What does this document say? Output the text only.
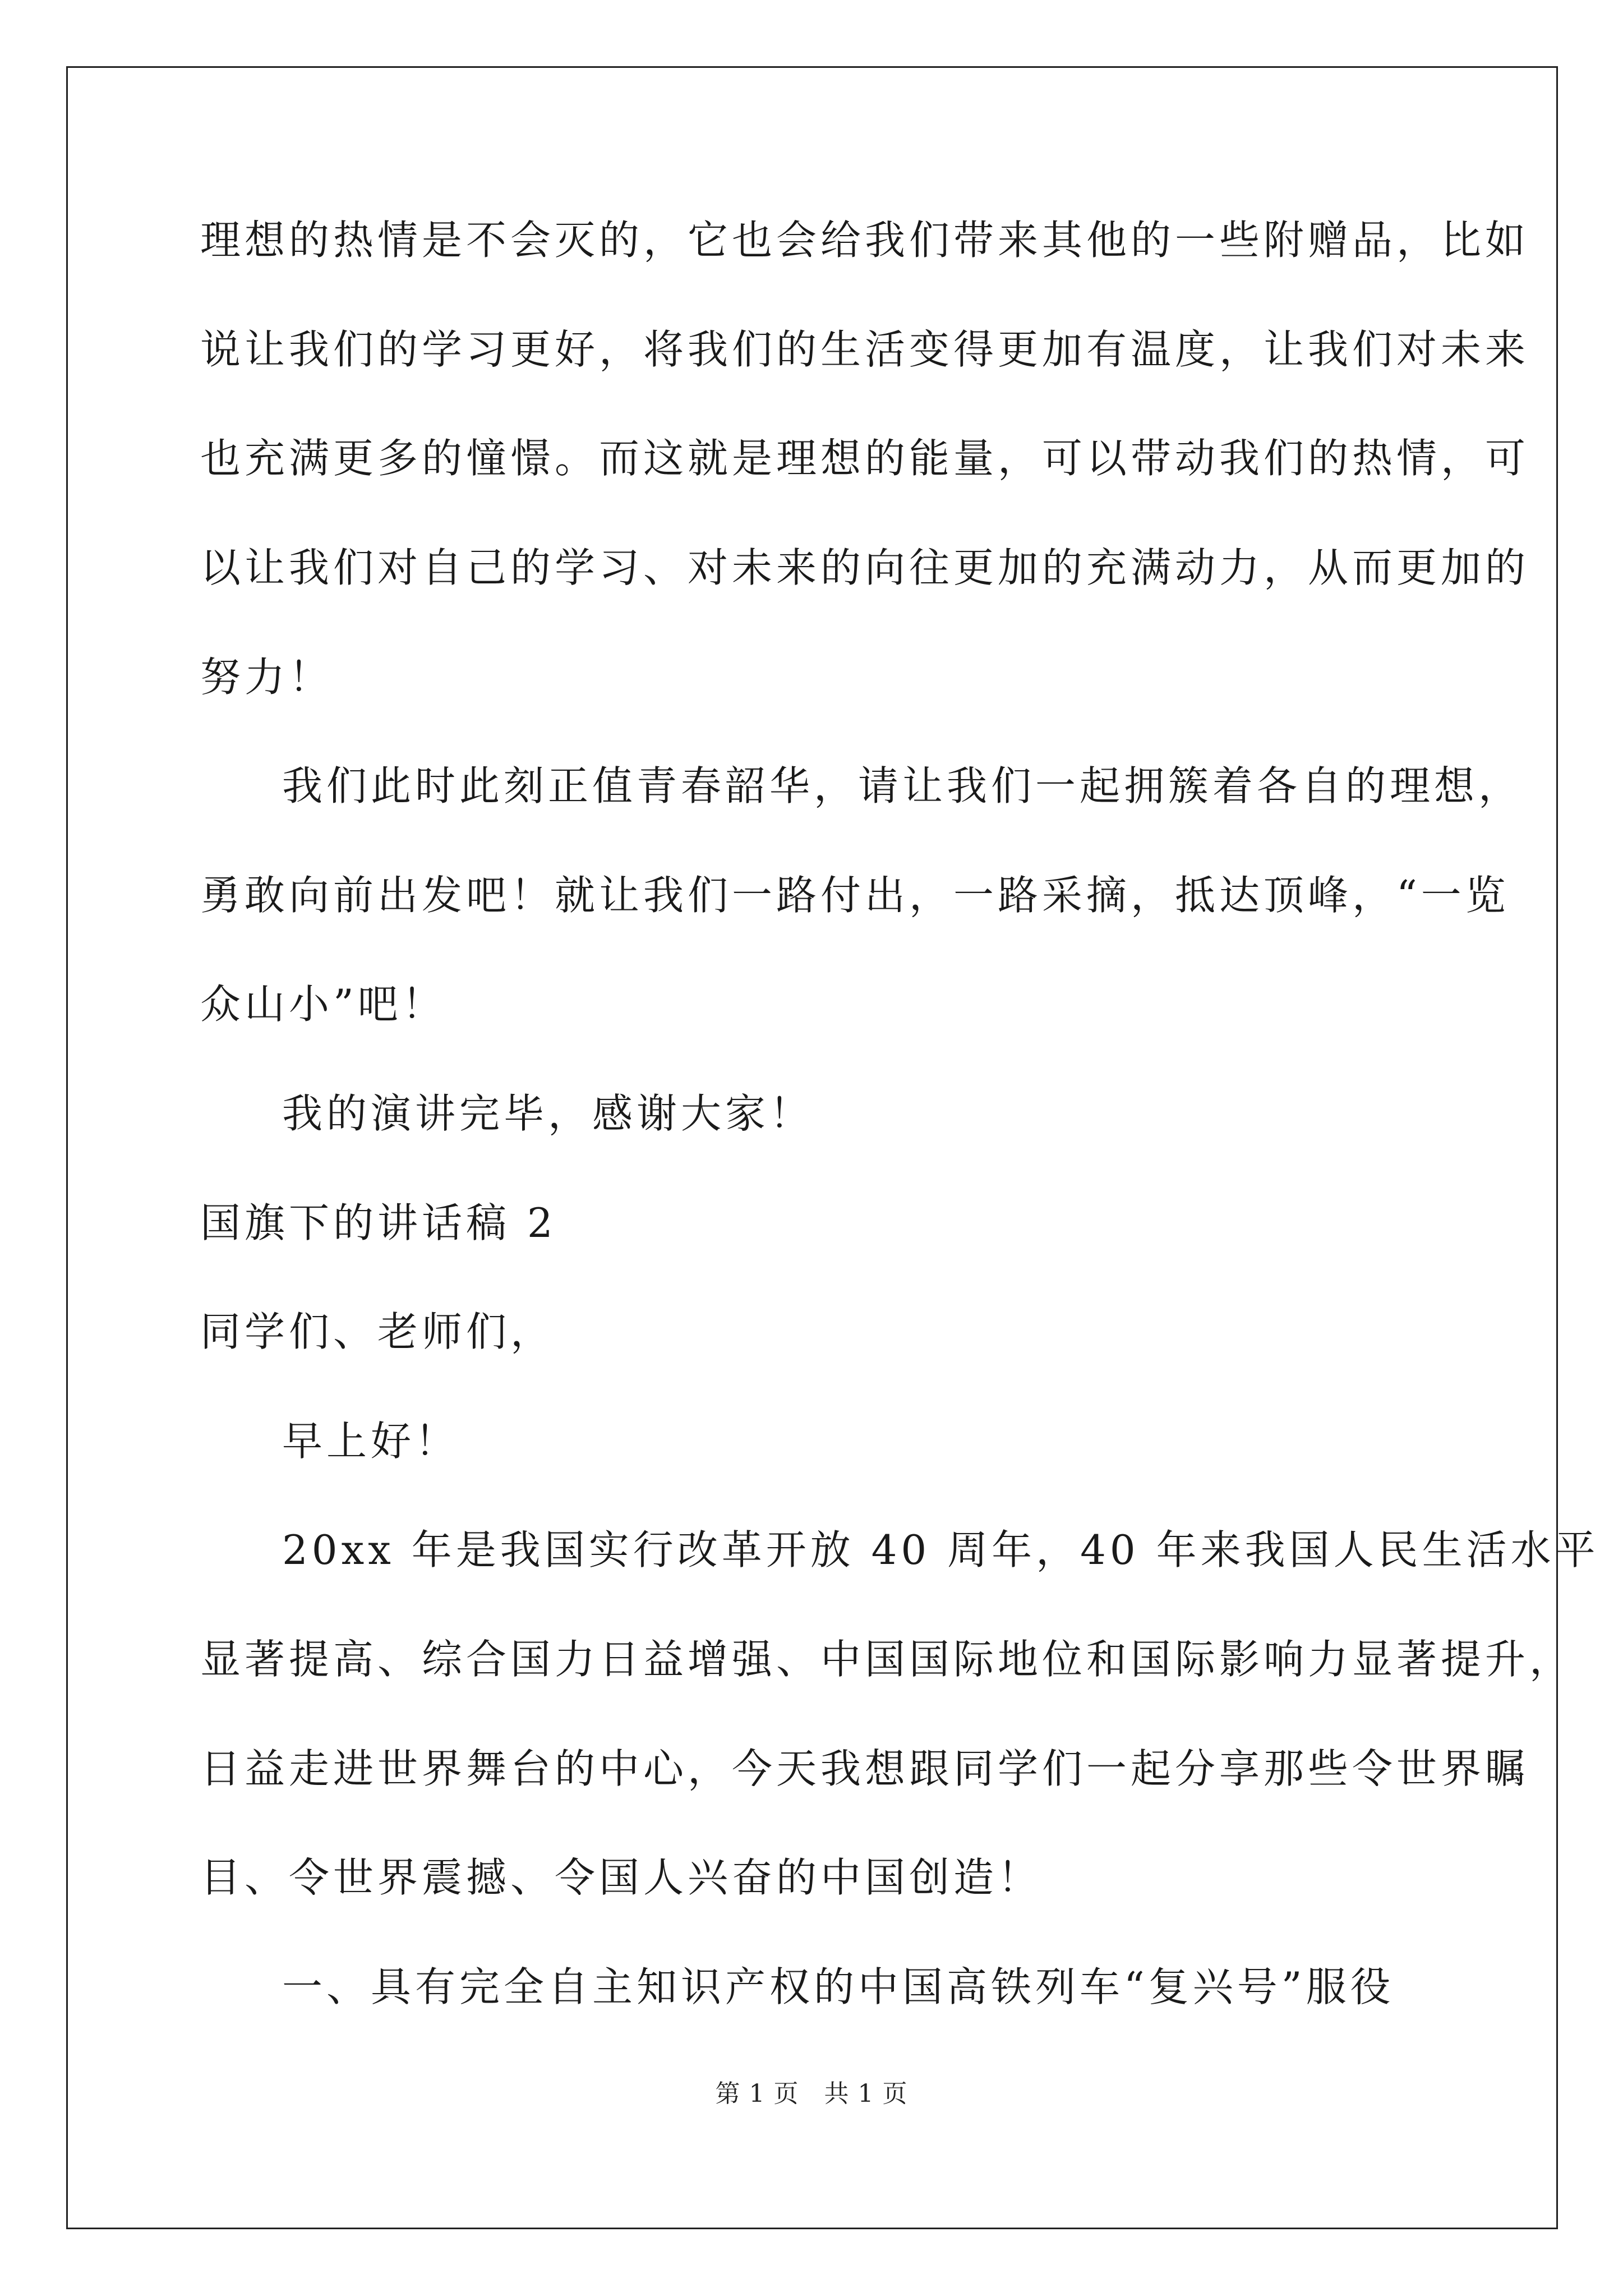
理想的热情是不会灭的，它也会给我们带来其他的一些附赠品，比如
说让我们的学习更好，将我们的生活变得更加有温度，让我们对未来
也充满更多的憧憬。而这就是理想的能量，可以带动我们的热情，可
以让我们对自己的学习、对未来的向往更加的充满动力，从而更加的
努力！
我们此时此刻正值青春韶华，请让我们一起拥簇着各自的理想，
勇敢向前出发吧！就让我们一路付出，一路采摘，抵达顶峰，“一览
众山小”吧！
我的演讲完毕，感谢大家！
国旗下的讲话稿 2
同学们、老师们，
早上好！
20xx 年是我国实行改革开放 40 周年，40 年来我国人民生活水平
显著提高、综合国力日益增强、中国国际地位和国际影响力显著提升，
日益走进世界舞台的中心，今天我想跟同学们一起分享那些令世界瞩
目、令世界震撼、令国人兴奋的中国创造！
一、具有完全自主知识产权的中国高铁列车“复兴号”服役
第 1 页　共 1 页
